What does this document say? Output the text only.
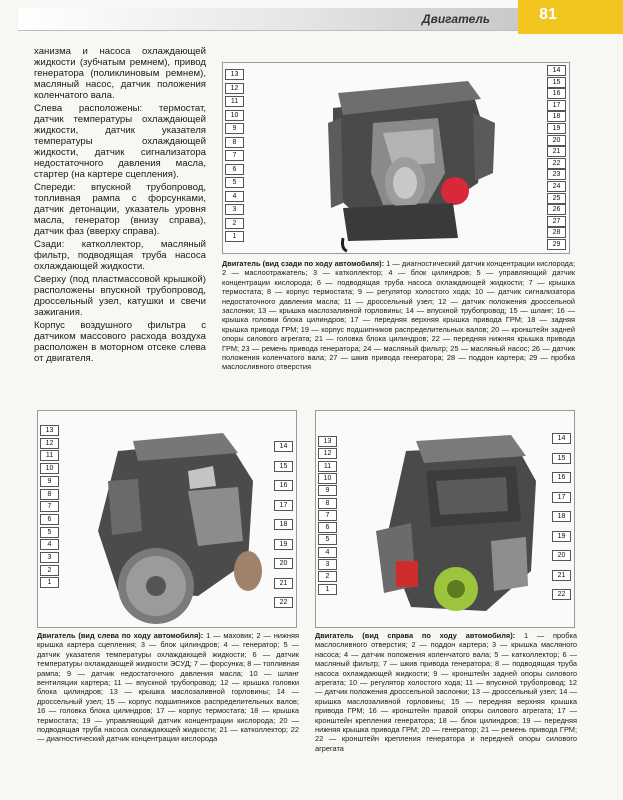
Двигатель	81

ханизма и насоса охлаждающей жидкости (зубчатым ремнем), привод генератора (поликлиновым ремнем), масляный насос, датчик положения коленчатого вала.

Слева расположены: термостат, датчик температуры охлаждающей жидкости, датчик указателя температуры охлаждающей жидкости, датчик сигнализатора недостаточного давления масла, стартер (на картере сцепления).

Спереди: впускной трубопровод, топливная рампа с форсунками, датчик детонации, указатель уровня масла, генератор (внизу справа), датчик фаз (вверху справа).

Сзади: катколлектор, масляный фильтр, подводящая труба насоса охлаждающей жидкости.

Сверху (под пластмассовой крышкой) расположены впускной трубопровод, дроссельный узел, катушки и свечи зажигания.

Корпус воздушного фильтра с датчиком массового расхода воздуха расположен в моторном отсеке слева от двигателя.

13
12
11
10
9
8
7
6
5
4
3
2
1
14
15
16
17
18
19
20
21
22
23
24
25
26
27
28
29
13
12
11
10
9
8
7
6
5
4
3
2
1
14
15
16
17
18
19
20
21
22
13
12
11
10
9
8
7
6
5
4
3
2
1
14
15
16
17
18
19
20
21
22
Двигатель (вид сзади по ходу автомобиля): 1 — диагностический датчик концентрации кислорода; 2 — маслоотражатель; 3 — катколлектор; 4 — блок цилиндров; 5 — управляющий датчик концентрации кислорода; 6 — подводящая труба насоса охлаждающей жидкости; 7 — крышка термостата; 8 — корпус термостата; 9 — регулятор холостого хода; 10 — датчик сигнализатора недостаточного давления масла; 11 — дроссельный узел; 12 — датчик положения дроссельной заслонки; 13 — крышка маслозаливной горловины; 14 — впускной трубопровод; 15 — шланг; 16 — крышка головки блока цилиндров; 17 — передняя верхняя крышка привода ГРМ; 18 — задняя крышка привода ГРМ; 19 — корпус подшипников распределительных валов; 20 — кронштейн задней опоры силового агрегата; 21 — головка блока цилиндров; 22 — передняя нижняя крышка привода ГРМ; 23 — ремень привода генератора; 24 — масляный фильтр; 25 — масляный насос; 26 — датчик положения коленчатого вала; 27 — шкив привода генератора; 28 — поддон картера; 29 — пробка маслосливного отверстия
Двигатель (вид слева по ходу автомобиля): 1 — маховик; 2 — нижняя крышка картера сцепления; 3 — блок цилиндров; 4 — генератор; 5 — датчик указателя температуры охлаждающей жидкости; 6 — датчик температуры охлаждающей жидкости ЭСУД; 7 — форсунка; 8 — топливная рампа; 9 — датчик недостаточного давления масла; 10 — шланг вентиляции картера; 11 — впускной трубопровод; 12 — крышка головки блока цилиндров; 13 — крышка маслозаливной горловины; 14 — дроссельный узел; 15 — корпус подшипников распределительных валов; 16 — головка блока цилиндров; 17 — корпус термостата; 18 — крышка термостата; 19 — управляющий датчик концентрации кислорода; 20 — подводящая труба насоса охлаждающей жидкости; 21 — катколлектор; 22 — диагностический датчик концентрации кислорода
Двигатель (вид справа по ходу автомобиля): 1 — пробка маслосливного отверстия; 2 — поддон картера; 3 — крышка масляного насоса; 4 — датчик положения коленчатого вала; 5 — катколлектор; 6 — масляный фильтр; 7 — шкив привода генератора; 8 — подводящая труба насоса охлаждающей жидкости; 9 — кронштейн задней опоры силового агрегата; 10 — регулятор холостого хода; 11 — впускной трубопровод; 12 — датчик положения дроссельной заслонки; 13 — дроссельный узел; 14 — крышка маслозаливной горловины; 15 — передняя верхняя крышка привода ГРМ; 16 — кронштейн правой опоры силового агрегата; 17 — кронштейн крепления генератора; 18 — блок цилиндров; 19 — передняя нижняя крышка привода ГРМ; 20 — генератор; 21 — ремень привода ГРМ; 22 — кронштейн крепления генератора и передней опоры силового агрегата
